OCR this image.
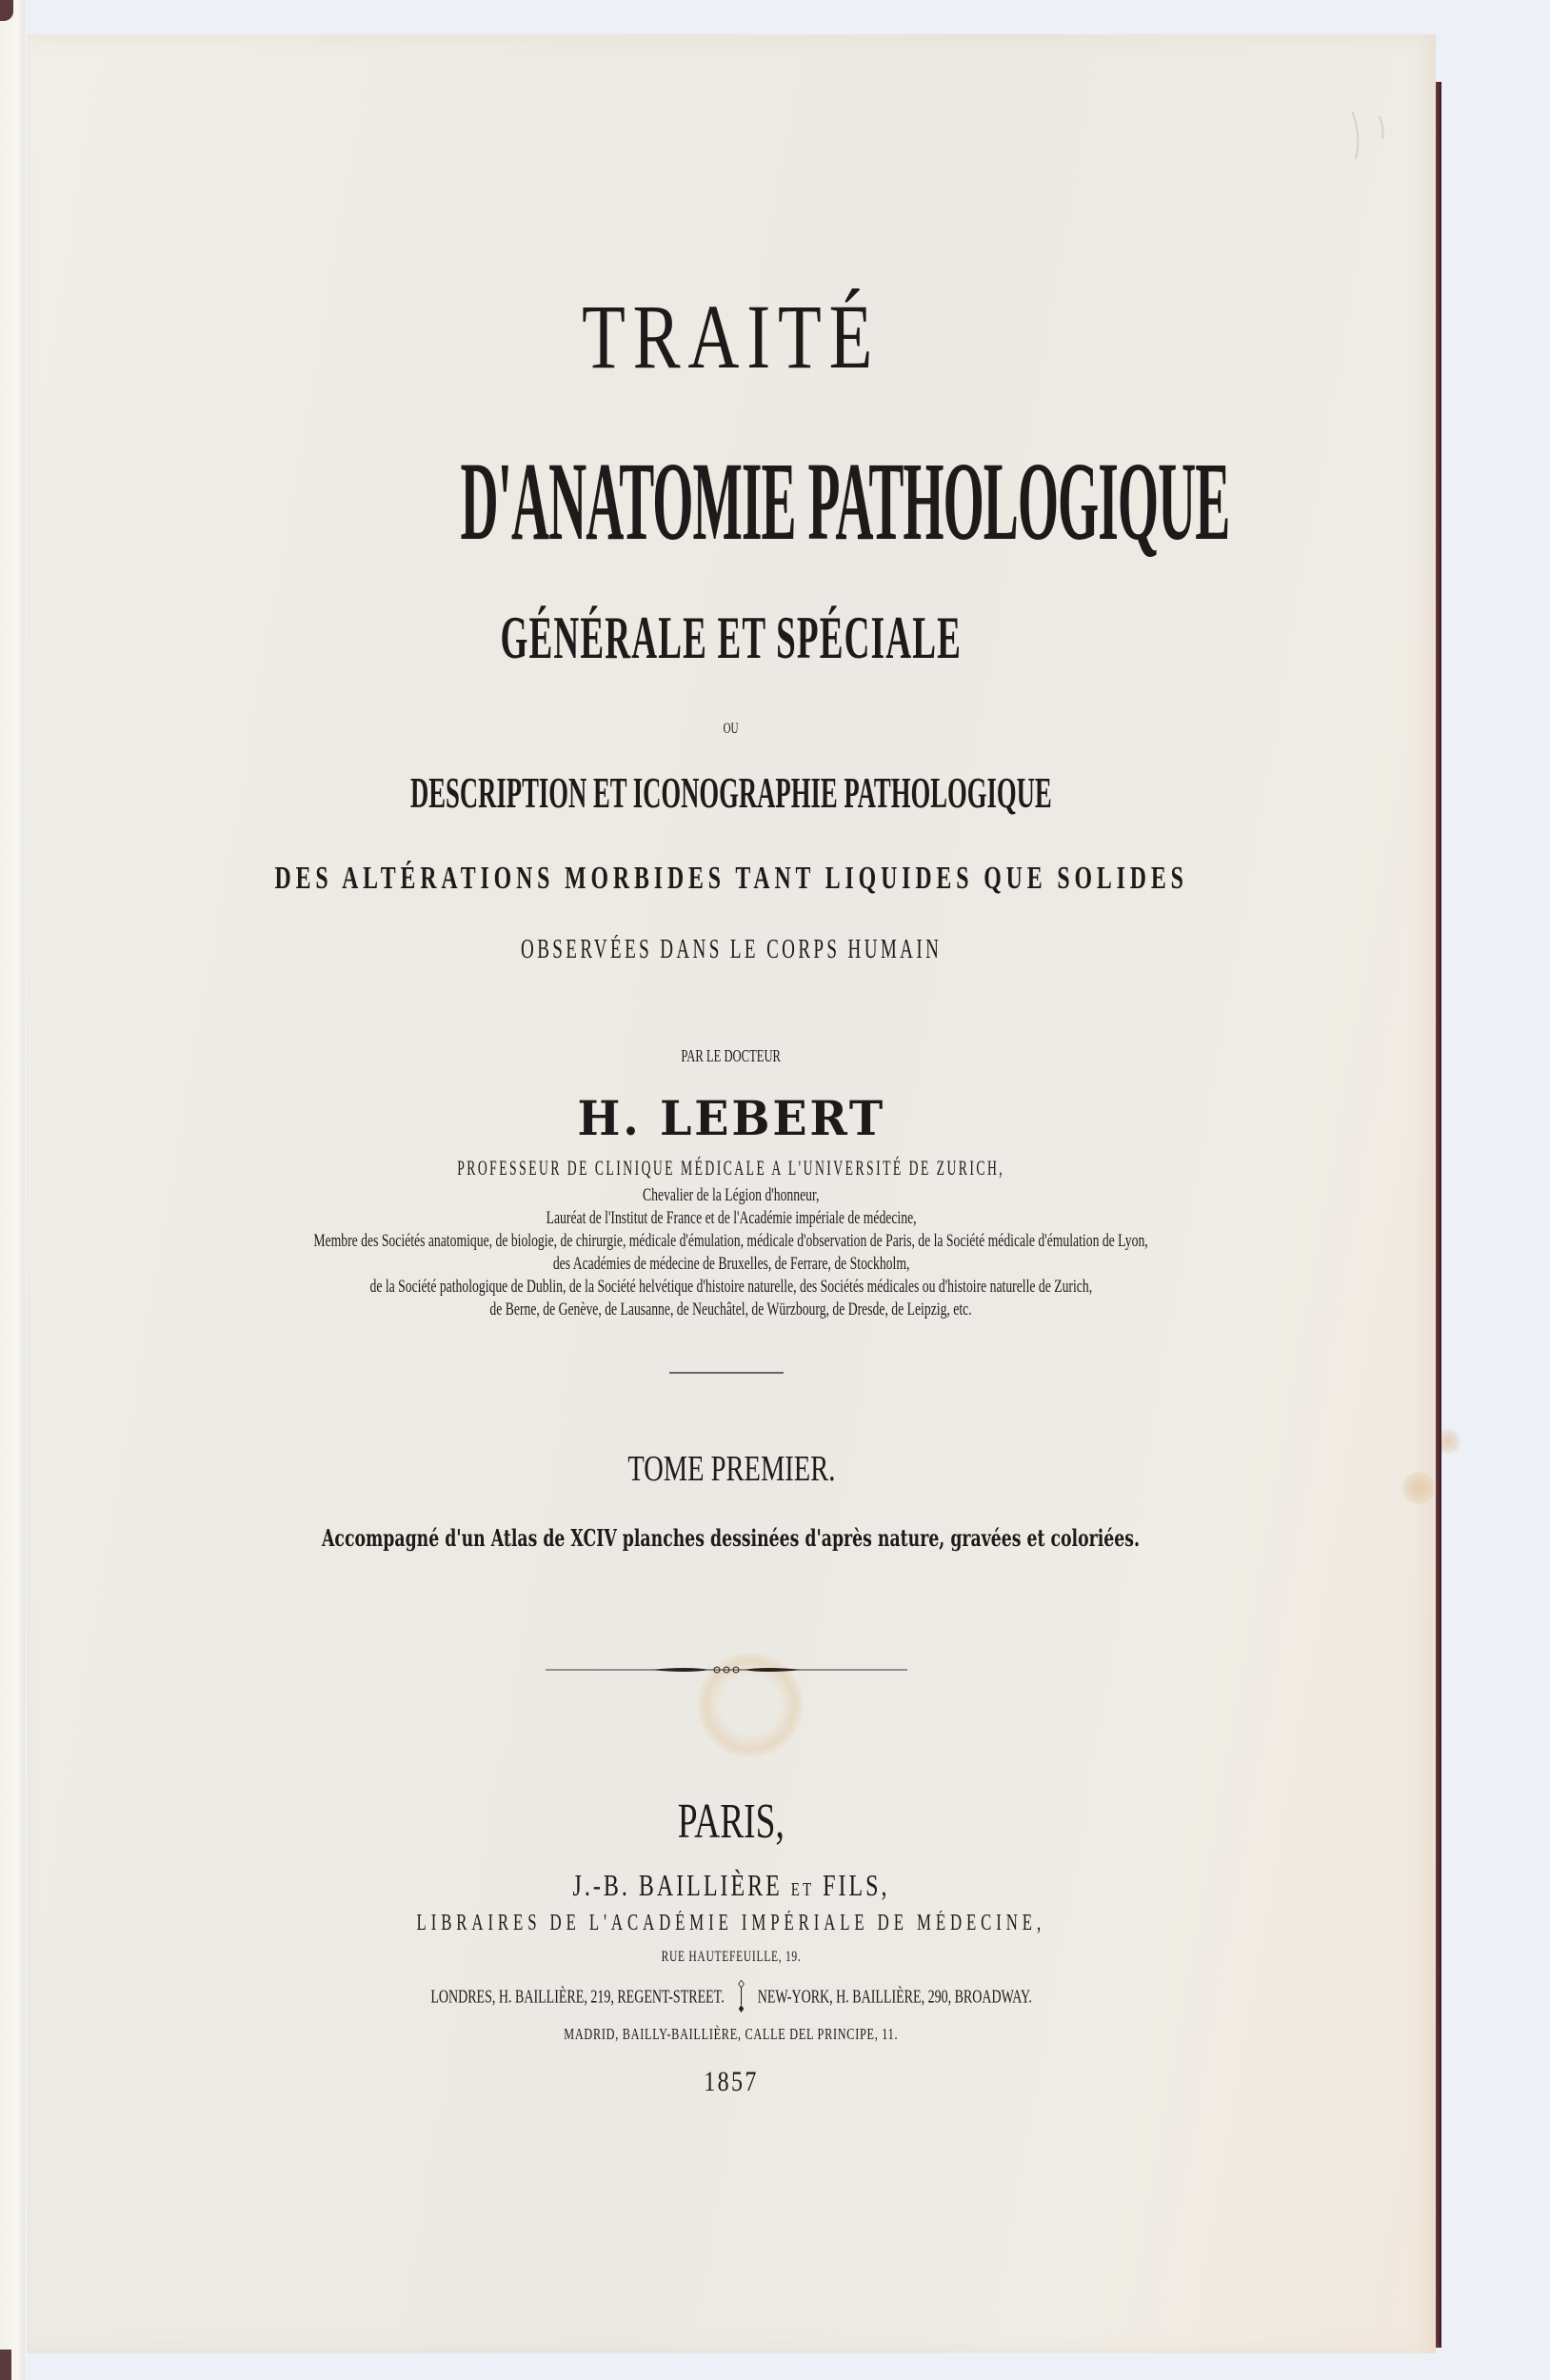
TRAITÉ
D'ANATOMIE PATHOLOGIQUE
GÉNÉRALE ET SPÉCIALE
OU
DESCRIPTION ET ICONOGRAPHIE PATHOLOGIQUE
DES ALTÉRATIONS MORBIDES TANT LIQUIDES QUE SOLIDES
OBSERVÉES DANS LE CORPS HUMAIN
PAR LE DOCTEUR
H. LEBERT
PROFESSEUR DE CLINIQUE MÉDICALE A L'UNIVERSITÉ DE ZURICH,
Chevalier de la Légion d'honneur,
Lauréat de l'Institut de France et de l'Académie impériale de médecine,
Membre des Sociétés anatomique, de biologie, de chirurgie, médicale d'émulation, médicale d'observation de Paris, de la Société médicale d'émulation de Lyon,
des Académies de médecine de Bruxelles, de Ferrare, de Stockholm,
de la Société pathologique de Dublin, de la Société helvétique d'histoire naturelle, des Sociétés médicales ou d'histoire naturelle de Zurich,
de Berne, de Genève, de Lausanne, de Neuchâtel, de Würzbourg, de Dresde, de Leipzig, etc.
TOME PREMIER.
Accompagné d'un Atlas de XCIV planches dessinées d'après nature, gravées et coloriées.
PARIS,
J.-B. BAILLIÈRE ET FILS,
LIBRAIRES DE L'ACADÉMIE IMPÉRIALE DE MÉDECINE,
RUE HAUTEFEUILLE, 19.
LONDRES, H. BAILLIÈRE, 219, REGENT-STREET. NEW-YORK, H. BAILLIÈRE, 290, BROADWAY.
MADRID, BAILLY-BAILLIÈRE, CALLE DEL PRINCIPE, 11.
1857
